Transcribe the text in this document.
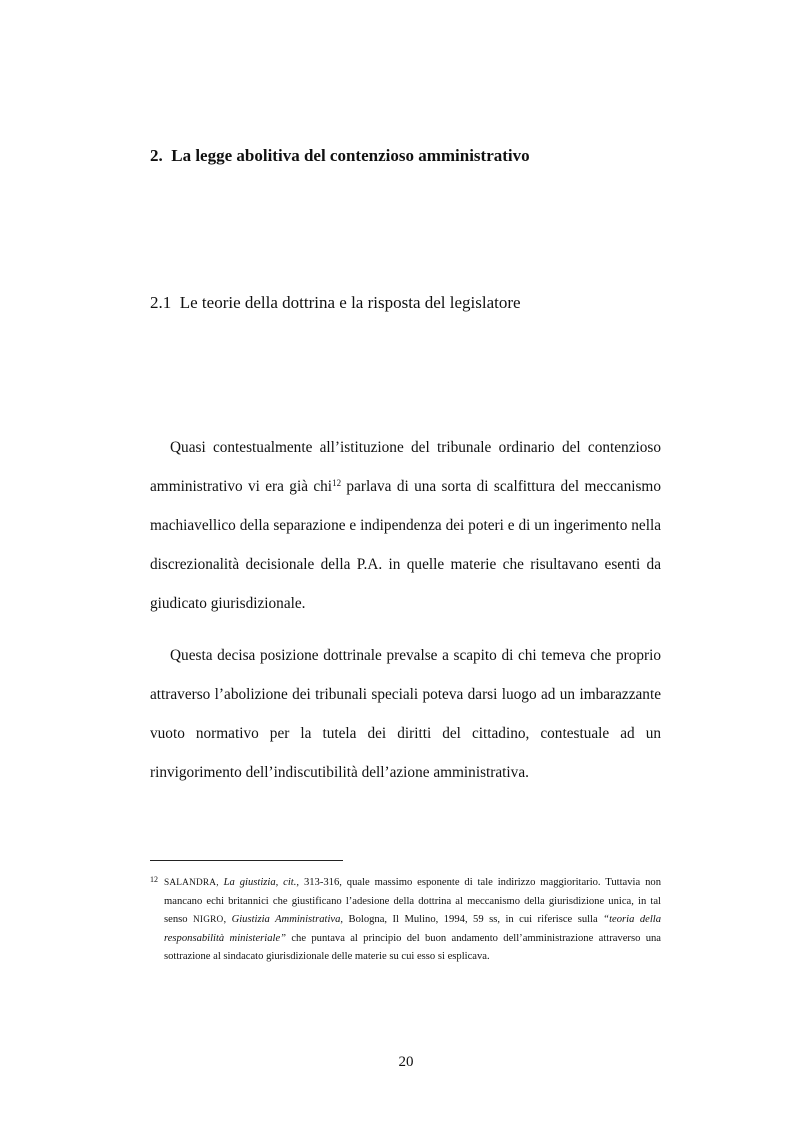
2. La legge abolitiva del contenzioso amministrativo
2.1 Le teorie della dottrina e la risposta del legislatore

Quasi contestualmente all’istituzione del tribunale ordinario del contenzioso amministrativo vi era già chi$^{12}$ parlava di una sorta di scalfittura del meccanismo machiavellico della separazione e indipendenza dei poteri e di un ingerimento nella discrezionalità decisionale della P.A. in quelle materie che risultavano esenti da giudicato giurisdizionale.

Questa decisa posizione dottrinale prevalse a scapito di chi temeva che proprio attraverso l’abolizione dei tribunali speciali poteva darsi luogo ad un imbarazzante vuoto normativo per la tutela dei diritti del cittadino, contestuale ad un rinvigorimento dell’indiscutibilità dell’azione amministrativa.

12 SALANDRA, La giustizia, cit., 313-316, quale massimo esponente di tale indirizzo maggioritario. Tuttavia non mancano echi britannici che giustificano l’adesione della dottrina al meccanismo della giurisdizione unica, in tal senso NIGRO, Giustizia Amministrativa, Bologna, Il Mulino, 1994, 59 ss, in cui riferisce sulla “teoria della responsabilità ministeriale” che puntava al principio del buon andamento dell’amministrazione attraverso una sottrazione al sindacato giurisdizionale delle materie su cui esso si esplicava.

20
